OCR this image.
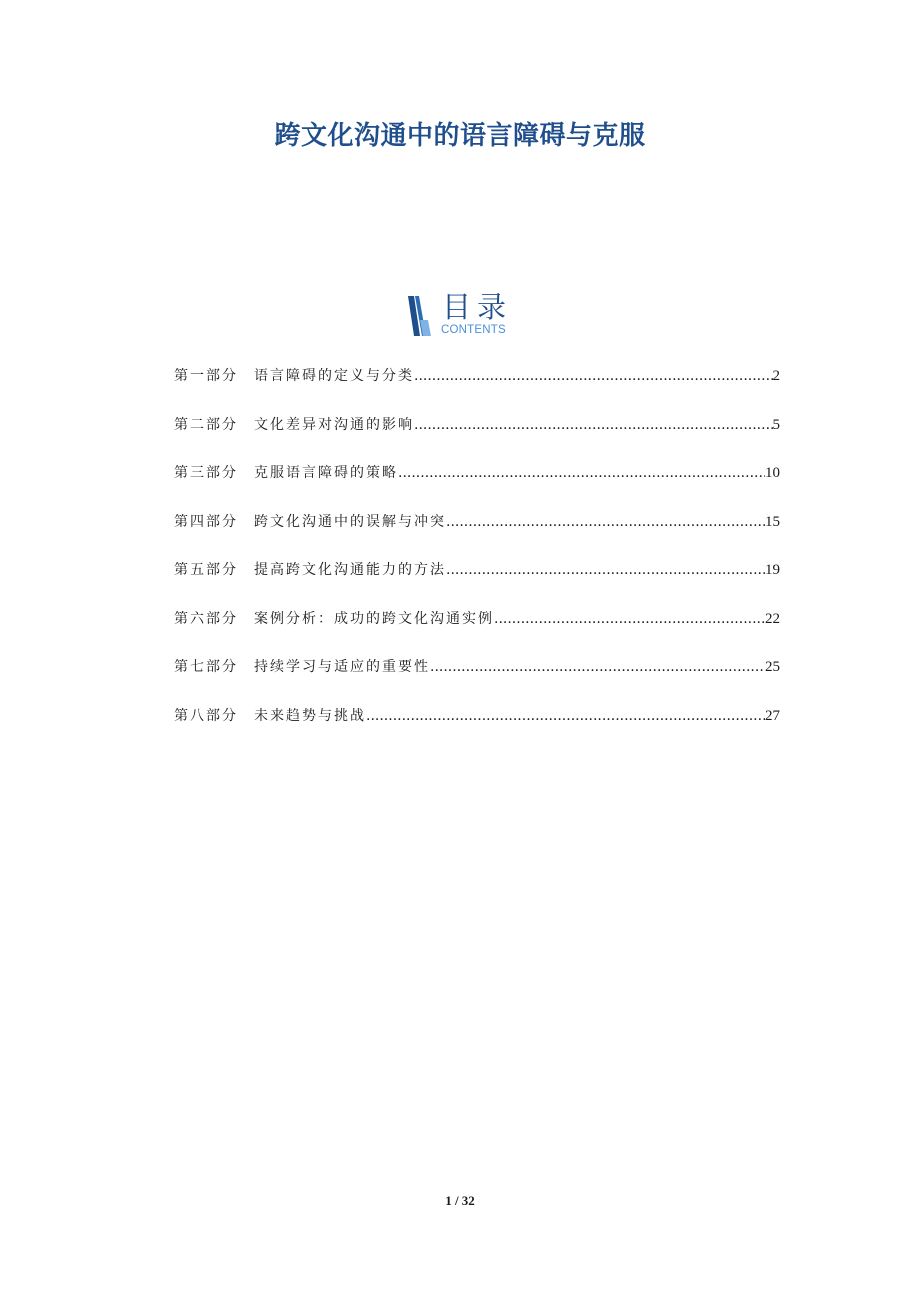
跨文化沟通中的语言障碍与克服
目录
CONTENTS
第一部分	语言障碍的定义与分类 .....	2
第二部分	文化差异对沟通的影响 .....	5
第三部分	克服语言障碍的策略 .....	10
第四部分	跨文化沟通中的误解与冲突 .....	15
第五部分	提高跨文化沟通能力的方法 .....	19
第六部分	案例分析：成功的跨文化沟通实例 .....	22
第七部分	持续学习与适应的重要性 .....	25
第八部分	未来趋势与挑战 .....	27
1 / 32
